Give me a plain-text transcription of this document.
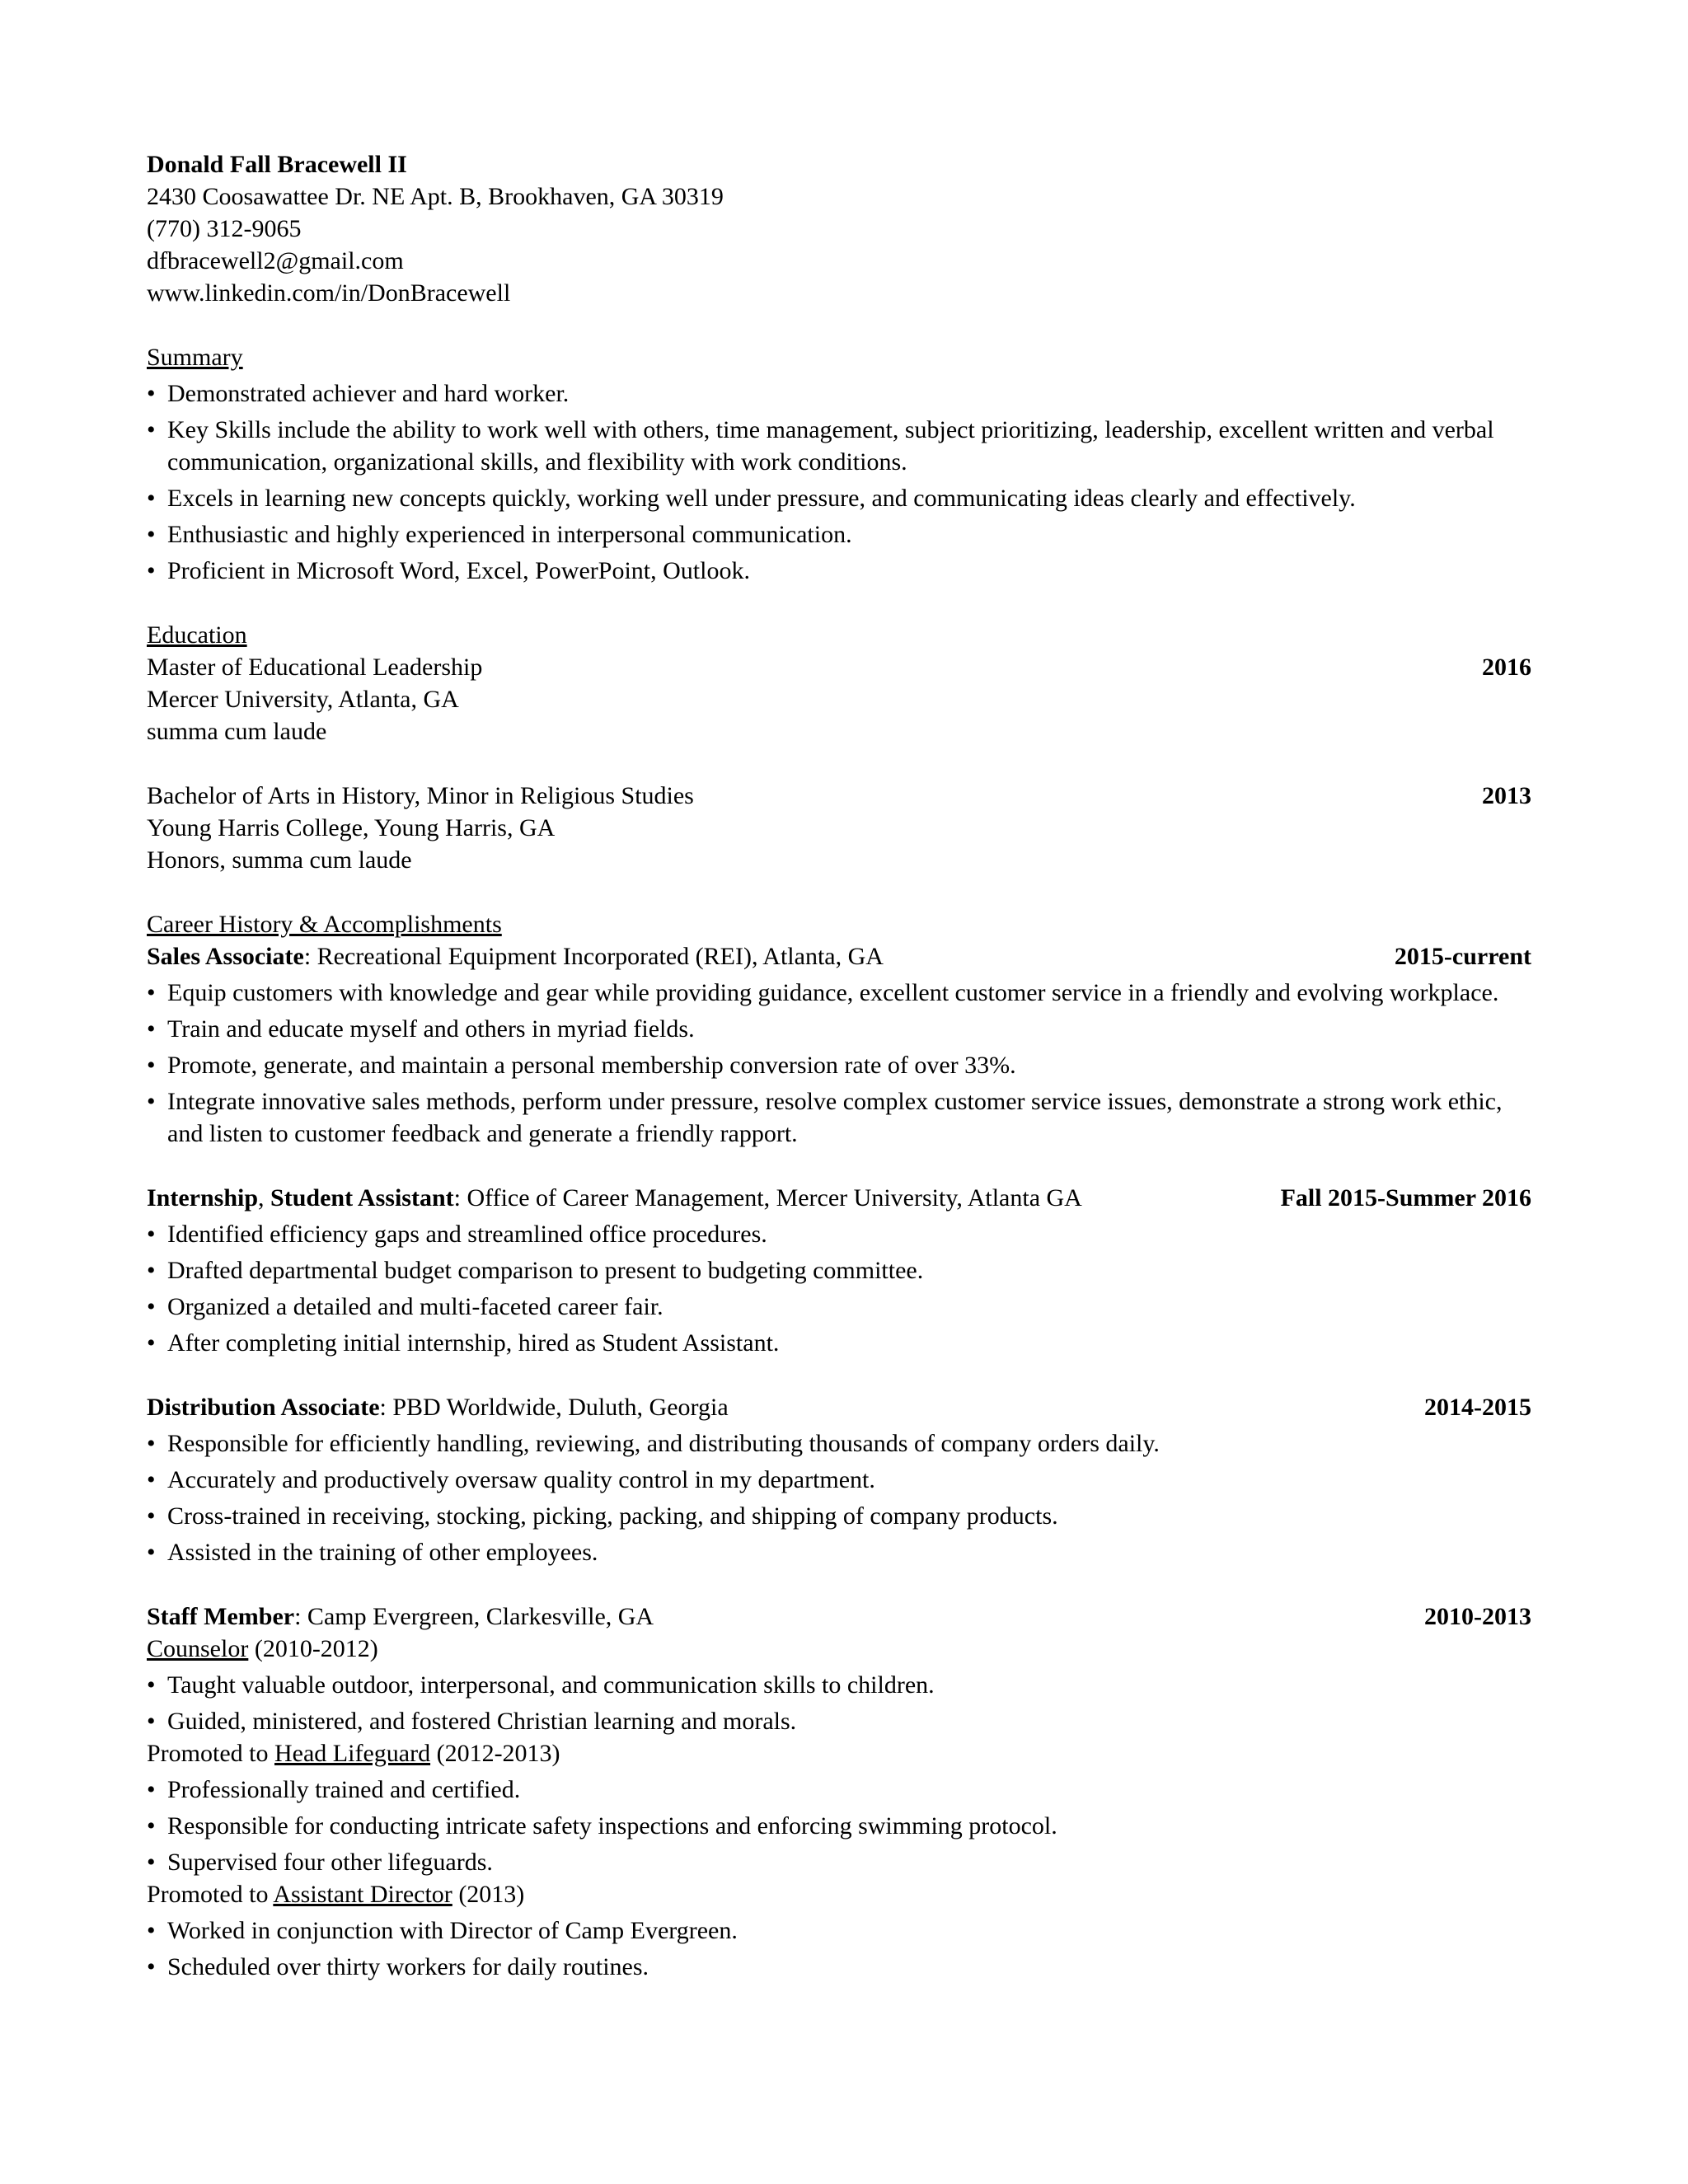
Donald Fall Bracewell II
2430 Coosawattee Dr. NE Apt. B, Brookhaven, GA 30319
(770) 312-9065
dfbracewell2@gmail.com
www.linkedin.com/in/DonBracewell
Summary
• Demonstrated achiever and hard worker.
• Key Skills include the ability to work well with others, time management, subject prioritizing, leadership, excellent written and verbal communication, organizational skills, and flexibility with work conditions.
• Excels in learning new concepts quickly, working well under pressure, and communicating ideas clearly and effectively.
• Enthusiastic and highly experienced in interpersonal communication.
• Proficient in Microsoft Word, Excel, PowerPoint, Outlook.
Education
Master of Educational Leadership	2016
Mercer University, Atlanta, GA
summa cum laude
Bachelor of Arts in History, Minor in Religious Studies	2013
Young Harris College, Young Harris, GA
Honors, summa cum laude
Career History & Accomplishments
Sales Associate: Recreational Equipment Incorporated (REI), Atlanta, GA	2015-current
• Equip customers with knowledge and gear while providing guidance, excellent customer service in a friendly and evolving workplace.
• Train and educate myself and others in myriad fields.
• Promote, generate, and maintain a personal membership conversion rate of over 33%.
• Integrate innovative sales methods, perform under pressure, resolve complex customer service issues, demonstrate a strong work ethic, and listen to customer feedback and generate a friendly rapport.
Internship, Student Assistant: Office of Career Management, Mercer University, Atlanta GA	Fall 2015-Summer 2016
• Identified efficiency gaps and streamlined office procedures.
• Drafted departmental budget comparison to present to budgeting committee.
• Organized a detailed and multi-faceted career fair.
• After completing initial internship, hired as Student Assistant.
Distribution Associate: PBD Worldwide, Duluth, Georgia	2014-2015
• Responsible for efficiently handling, reviewing, and distributing thousands of company orders daily.
• Accurately and productively oversaw quality control in my department.
• Cross-trained in receiving, stocking, picking, packing, and shipping of company products.
• Assisted in the training of other employees.
Staff Member: Camp Evergreen, Clarkesville, GA	2010-2013
Counselor (2010-2012)
• Taught valuable outdoor, interpersonal, and communication skills to children.
• Guided, ministered, and fostered Christian learning and morals.
Promoted to Head Lifeguard (2012-2013)
• Professionally trained and certified.
• Responsible for conducting intricate safety inspections and enforcing swimming protocol.
• Supervised four other lifeguards.
Promoted to Assistant Director (2013)
• Worked in conjunction with Director of Camp Evergreen.
• Scheduled over thirty workers for daily routines.
